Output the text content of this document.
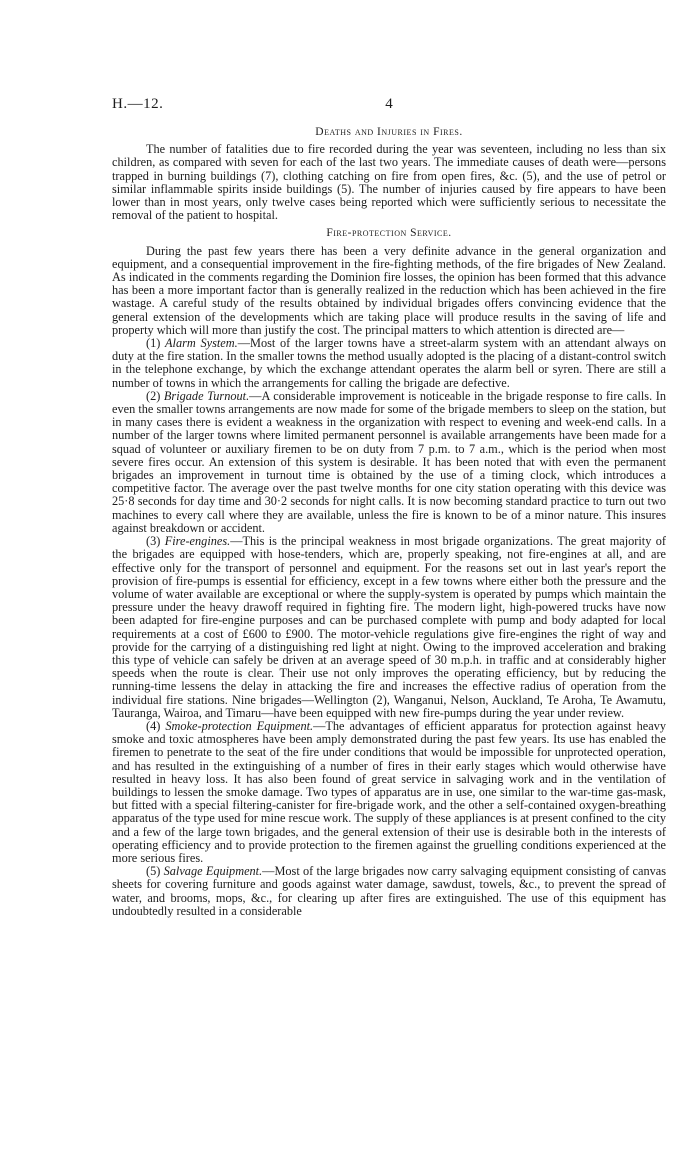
H.—12.	4
Deaths and Injuries in Fires.

The number of fatalities due to fire recorded during the year was seventeen, including no less than six children, as compared with seven for each of the last two years. The immediate causes of death were—persons trapped in burning buildings (7), clothing catching on fire from open fires, &c. (5), and the use of petrol or similar inflammable spirits inside buildings (5). The number of injuries caused by fire appears to have been lower than in most years, only twelve cases being reported which were sufficiently serious to necessitate the removal of the patient to hospital.

Fire-protection Service.

During the past few years there has been a very definite advance in the general organization and equipment, and a consequential improvement in the fire-fighting methods, of the fire brigades of New Zealand. As indicated in the comments regarding the Dominion fire losses, the opinion has been formed that this advance has been a more important factor than is generally realized in the reduction which has been achieved in the fire wastage. A careful study of the results obtained by individual brigades offers convincing evidence that the general extension of the developments which are taking place will produce results in the saving of life and property which will more than justify the cost. The principal matters to which attention is directed are—

(1) Alarm System.—Most of the larger towns have a street-alarm system with an attendant always on duty at the fire station. In the smaller towns the method usually adopted is the placing of a distant-control switch in the telephone exchange, by which the exchange attendant operates the alarm bell or syren. There are still a number of towns in which the arrangements for calling the brigade are defective.

(2) Brigade Turnout.—A considerable improvement is noticeable in the brigade response to fire calls. In even the smaller towns arrangements are now made for some of the brigade members to sleep on the station, but in many cases there is evident a weakness in the organization with respect to evening and week-end calls. In a number of the larger towns where limited permanent personnel is available arrangements have been made for a squad of volunteer or auxiliary firemen to be on duty from 7 p.m. to 7 a.m., which is the period when most severe fires occur. An extension of this system is desirable. It has been noted that with even the permanent brigades an improvement in turnout time is obtained by the use of a timing clock, which introduces a competitive factor. The average over the past twelve months for one city station operating with this device was 25·8 seconds for day time and 30·2 seconds for night calls. It is now becoming standard practice to turn out two machines to every call where they are available, unless the fire is known to be of a minor nature. This insures against breakdown or accident.

(3) Fire-engines.—This is the principal weakness in most brigade organizations. The great majority of the brigades are equipped with hose-tenders, which are, properly speaking, not fire-engines at all, and are effective only for the transport of personnel and equipment. For the reasons set out in last year's report the provision of fire-pumps is essential for efficiency, except in a few towns where either both the pressure and the volume of water available are exceptional or where the supply-system is operated by pumps which maintain the pressure under the heavy drawoff required in fighting fire. The modern light, high-powered trucks have now been adapted for fire-engine purposes and can be purchased complete with pump and body adapted for local requirements at a cost of £600 to £900. The motor-vehicle regulations give fire-engines the right of way and provide for the carrying of a distinguishing red light at night. Owing to the improved acceleration and braking this type of vehicle can safely be driven at an average speed of 30 m.p.h. in traffic and at considerably higher speeds when the route is clear. Their use not only improves the operating efficiency, but by reducing the running-time lessens the delay in attacking the fire and increases the effective radius of operation from the individual fire stations. Nine brigades—Wellington (2), Wanganui, Nelson, Auckland, Te Aroha, Te Awamutu, Tauranga, Wairoa, and Timaru—have been equipped with new fire-pumps during the year under review.

(4) Smoke-protection Equipment.—The advantages of efficient apparatus for protection against heavy smoke and toxic atmospheres have been amply demonstrated during the past few years. Its use has enabled the firemen to penetrate to the seat of the fire under conditions that would be impossible for unprotected operation, and has resulted in the extinguishing of a number of fires in their early stages which would otherwise have resulted in heavy loss. It has also been found of great service in salvaging work and in the ventilation of buildings to lessen the smoke damage. Two types of apparatus are in use, one similar to the war-time gas-mask, but fitted with a special filtering-canister for fire-brigade work, and the other a self-contained oxygen-breathing apparatus of the type used for mine rescue work. The supply of these appliances is at present confined to the city and a few of the large town brigades, and the general extension of their use is desirable both in the interests of operating efficiency and to provide protection to the firemen against the gruelling conditions experienced at the more serious fires.

(5) Salvage Equipment.—Most of the large brigades now carry salvaging equipment consisting of canvas sheets for covering furniture and goods against water damage, sawdust, towels, &c., to prevent the spread of water, and brooms, mops, &c., for clearing up after fires are extinguished. The use of this equipment has undoubtedly resulted in a considerable
